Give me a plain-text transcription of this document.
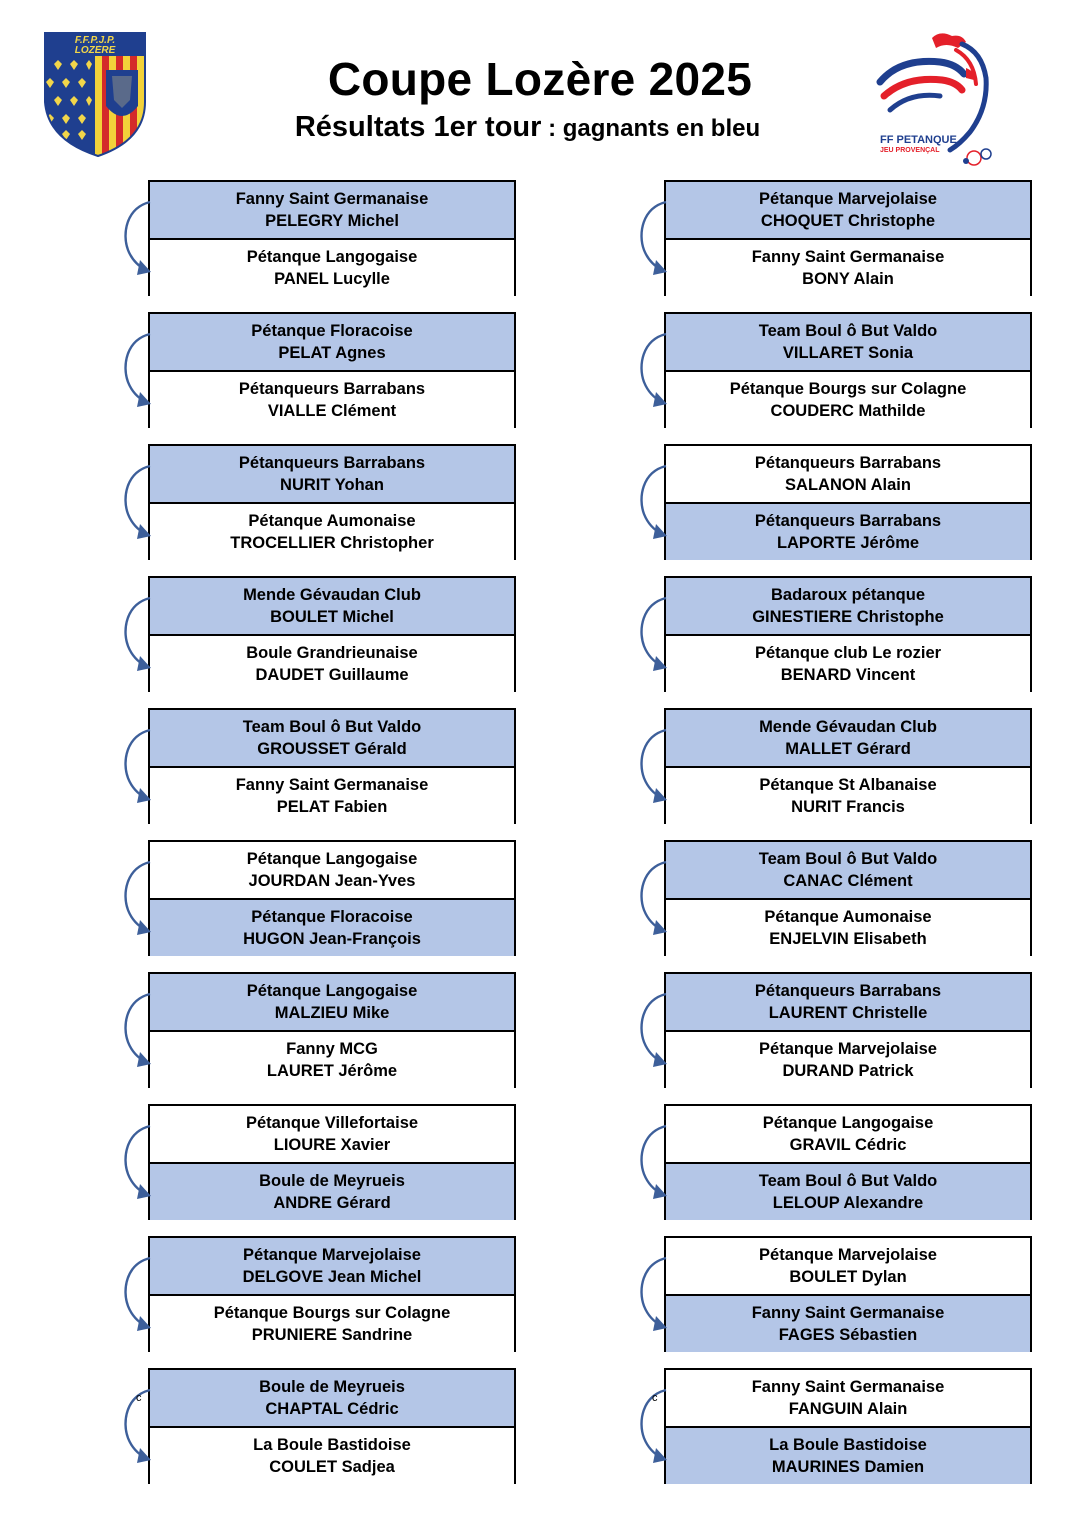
F.F.P.J.P.
LOZÈRE
Coupe Lozère 2025
Résultats 1er tour : gagnants en bleu	FF PETANQUE
JEU PROVENÇAL
Fanny Saint Germanaise
PELEGRY Michel
Pétanque Langogaise
PANEL Lucylle
Pétanque Floracoise
PELAT Agnes
Pétanqueurs Barrabans
VIALLE Clément
Pétanqueurs Barrabans
NURIT Yohan
Pétanque Aumonaise
TROCELLIER Christopher
Mende Gévaudan Club
BOULET Michel
Boule Grandrieunaise
DAUDET Guillaume
Team Boul ô But Valdo
GROUSSET Gérald
Fanny Saint Germanaise
PELAT Fabien
Pétanque Langogaise
JOURDAN Jean-Yves
Pétanque Floracoise
HUGON Jean-François
Pétanque Langogaise
MALZIEU Mike
Fanny MCG
LAURET Jérôme
Pétanque Villefortaise
LIOURE Xavier
Boule de Meyrueis
ANDRE Gérard
Pétanque Marvejolaise
DELGOVE Jean Michel
Pétanque Bourgs sur Colagne
PRUNIERE Sandrine
c
Boule de Meyrueis
CHAPTAL Cédric
La Boule Bastidoise
COULET Sadjea
Pétanque Marvejolaise
CHOQUET Christophe
Fanny Saint Germanaise
BONY Alain
Team Boul ô But Valdo
VILLARET Sonia
Pétanque Bourgs sur Colagne
COUDERC Mathilde
Pétanqueurs Barrabans
SALANON Alain
Pétanqueurs Barrabans
LAPORTE Jérôme
Badaroux pétanque
GINESTIERE Christophe
Pétanque club Le rozier
BENARD Vincent
Mende Gévaudan Club
MALLET Gérard
Pétanque St Albanaise
NURIT Francis
Team Boul ô But Valdo
CANAC Clément
Pétanque Aumonaise
ENJELVIN Elisabeth
Pétanqueurs Barrabans
LAURENT Christelle
Pétanque Marvejolaise
DURAND Patrick
Pétanque Langogaise
GRAVIL Cédric
Team Boul ô But Valdo
LELOUP Alexandre
Pétanque Marvejolaise
BOULET Dylan
Fanny Saint Germanaise
FAGES Sébastien
c
Fanny Saint Germanaise
FANGUIN Alain
La Boule Bastidoise
MAURINES Damien
